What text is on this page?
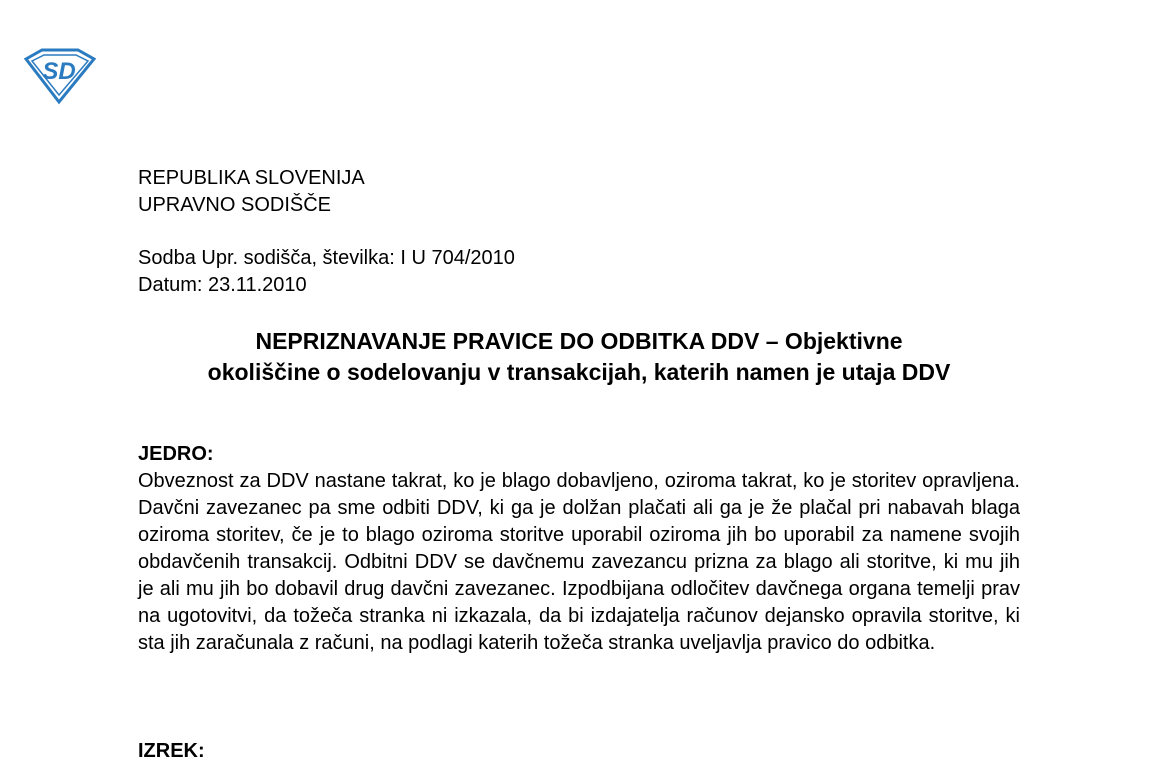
SD
REPUBLIKA SLOVENIJA
UPRAVNO SODIŠČE
Sodba Upr. sodišča, številka: I U 704/2010
Datum: 23.11.2010
NEPRIZNAVANJE PRAVICE DO ODBITKA DDV – Objektivne
okoliščine o sodelovanju v transakcijah, katerih namen je utaja DDV
JEDRO:
Obveznost za DDV nastane takrat, ko je blago dobavljeno, oziroma takrat, ko je storitev opravljena. Davčni zavezanec pa sme odbiti DDV, ki ga je dolžan plačati ali ga je že plačal pri nabavah blaga oziroma storitev, če je to blago oziroma storitve uporabil oziroma jih bo uporabil za namene svojih obdavčenih transakcij. Odbitni DDV se davčnemu zavezancu prizna za blago ali storitve, ki mu jih je ali mu jih bo dobavil drug davčni zavezanec. Izpodbijana odločitev davčnega organa temelji prav na ugotovitvi, da tožeča stranka ni izkazala, da bi izdajatelja računov dejansko opravila storitve, ki sta jih zaračunala z računi, na podlagi katerih tožeča stranka uveljavlja pravico do odbitka.
IZREK:
